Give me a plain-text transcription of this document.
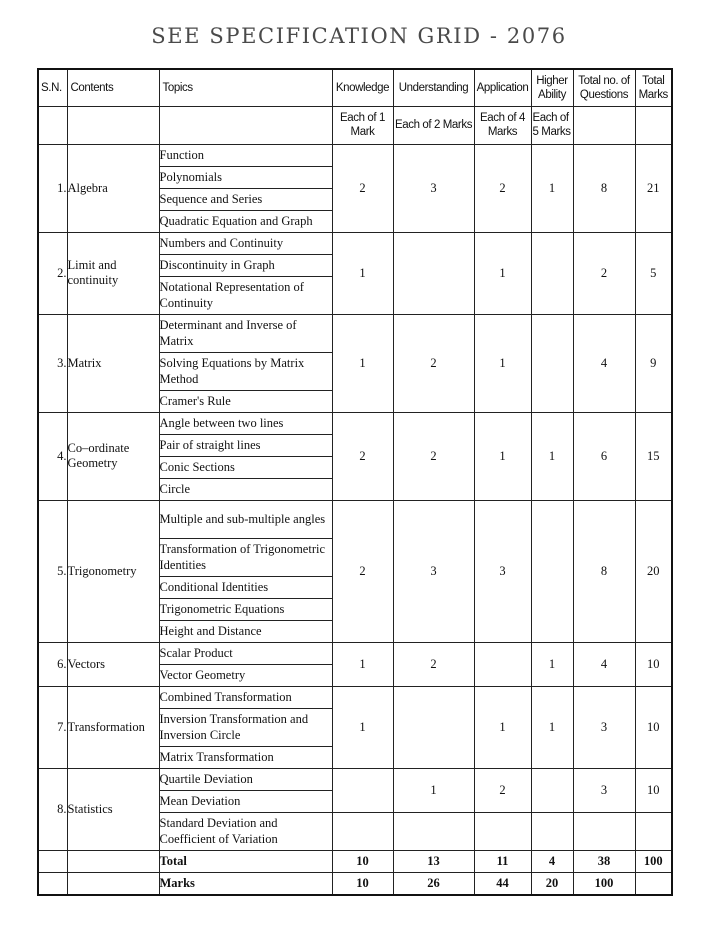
SEE SPECIFICATION GRID - 2076
S.N.	Contents	Topics	Knowledge	Understanding	Application	Higher Ability	Total no. of Questions	Total Marks
			Each of 1 Mark	Each of 2 Marks	Each of 4 Marks	Each of 5 Marks		
1.	Algebra	Function	2	3	2	1	8	21
		Polynomials						
		Sequence and Series						
		Quadratic Equation and Graph						
2.	Limit and continuity	Numbers and Continuity	1		1		2	5
		Discontinuity in Graph						
		Notational Representation of Continuity						
3.	Matrix	Determinant and Inverse of Matrix	1	2	1		4	9
		Solving Equations by Matrix Method						
		Cramer's Rule						
4.	Co–ordinate Geometry	Angle between two lines	2	2	1	1	6	15
		Pair of straight lines						
		Conic Sections						
		Circle						
5.	Trigonometry	Multiple and sub-multiple angles	2	3	3		8	20
		Transformation of Trigonometric Identities						
		Conditional Identities						
		Trigonometric Equations						
		Height and Distance						
6.	Vectors	Scalar Product	1	2		1	4	10
		Vector Geometry						
7.	Transformation	Combined Transformation	1		1	1	3	10
		Inversion Transformation and Inversion Circle						
		Matrix Transformation						
8.	Statistics	Quartile Deviation		1	2		3	10
		Mean Deviation						
		Standard Deviation and Coefficient of Variation						
		Total	10	13	11	4	38	100
		Marks	10	26	44	20	100	
